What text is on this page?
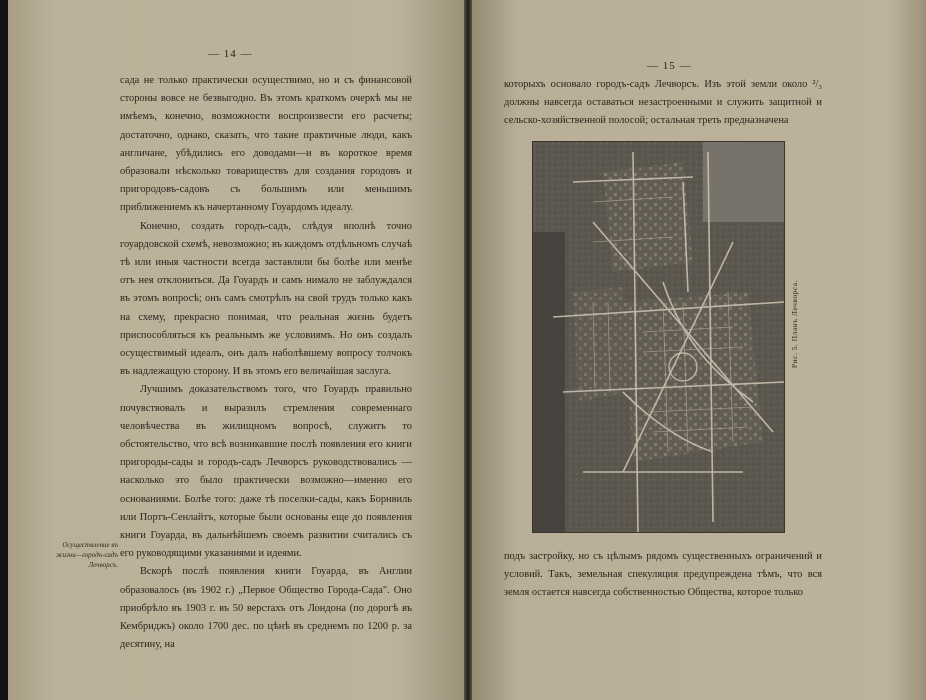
— 14 —

сада не только практически осуществимо, но и съ финансовой стороны вовсе не безвыгодно. Въ этомъ краткомъ очеркѣ мы не имѣемъ, конечно, возможности воспроизвести его расчеты; достаточно, однако, сказать, что такие практичные люди, какъ англичане, убѣдились его доводами—и въ короткое время образовали нѣсколько товариществъ для создания городовъ и пригородовъ-садовъ съ большимъ или меньшимъ приближениемъ къ начертанному Гоуардомъ идеалу.

Конечно, создать городъ-садъ, слѣдуя вполнѣ точно гоуардовской схемѣ, невозможно; въ каждомъ отдѣльномъ случаѣ тѣ или иныя частности всегда заставляли бы болѣе или менѣе отъ нея отклониться. Да Гоуардъ и самъ нимало не заблуждался въ этомъ вопросѣ; онъ самъ смотрѣлъ на свой трудъ только какъ на схему, прекрасно понимая, что реальная жизнь будетъ приспособляться къ реальнымъ же условиямъ. Но онъ создалъ осуществимый идеалъ, онъ далъ наболѣвшему вопросу толчокъ въ надлежащую сторону. И въ этомъ его величайшая заслуга.

Лучшимъ доказательствомъ того, что Гоуардъ правильно почувствовалъ и выразилъ стремления современнаго человѣчества въ жилищномъ вопросѣ, служитъ то обстоятельство, что всѣ возникавшие послѣ появления его книги пригороды-сады и городъ-садъ Лечворсъ руководствовались — насколько это было практически возможно—именно его основаниями. Болѣе того: даже тѣ поселки-сады, какъ Борнвиль или Портъ-Сенлайтъ, которые были основаны еще до появления книги Гоуарда, въ дальнѣйшемъ своемъ развитии считались съ его руководящими указаниями и идеями.

Вскорѣ послѣ появления книги Гоуарда, въ Англии образовалось (въ 1902 г.) „Первое Общество Города-Сада". Оно приобрѣло въ 1903 г. въ 50 верстахъ отъ Лондона (по дорогѣ въ Кембриджъ) около 1700 дес. по цѣнѣ въ среднемъ по 1200 р. за десятину, на

Осуществление въ жизни—городъ-садъ Лечворсъ.
— 15 —

которыхъ основало городъ-садъ Лечворсъ. Изъ этой земли около ²/₃ должны навсегда оставаться незастроенными и служить защитной и сельско-хозяйственной полосой; остальная треть предназначена

Рис. 5. Планъ Лечворса.

подъ застройку, но съ цѣлымъ рядомъ существенныхъ ограничений и условий. Такъ, земельная спекуляция предупреждена тѣмъ, что вся земля остается навсегда собственностью Общества, которое только
